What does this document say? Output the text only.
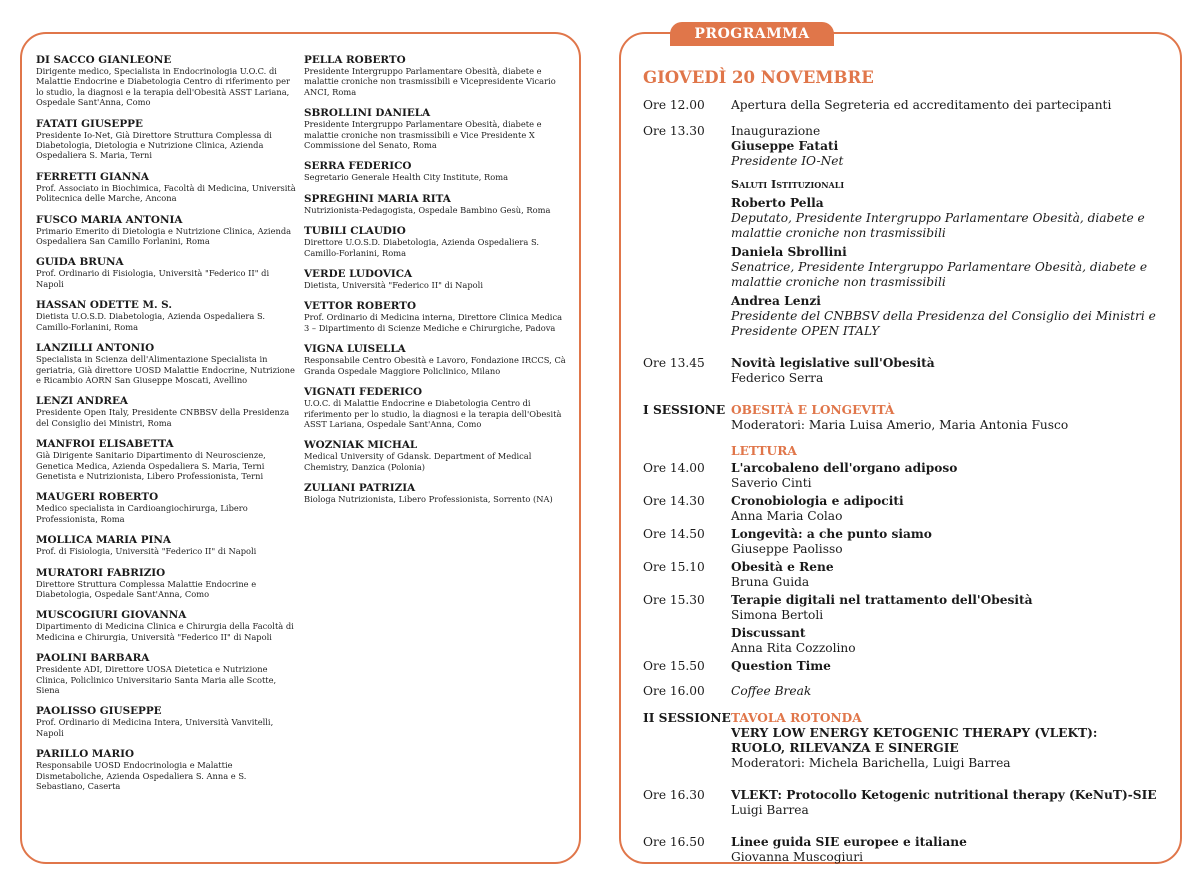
PROGRAMMA
DI SACCO GIANLEONE
Dirigente medico, Specialista in Endocrinologia U.O.C. di Malattie Endocrine e Diabetologia Centro di riferimento per lo studio, la diagnosi e la terapia dell'Obesità ASST Lariana, Ospedale Sant'Anna, Como
FATATI GIUSEPPE
Presidente Io-Net, Già Direttore Struttura Complessa di Diabetologia, Dietologia e Nutrizione Clinica, Azienda Ospedaliera S. Maria, Terni
FERRETTI GIANNA
Prof. Associato in Biochimica, Facoltà di Medicina, Università Politecnica delle Marche, Ancona
FUSCO MARIA ANTONIA
Primario Emerito di Dietologia e Nutrizione Clinica, Azienda Ospedaliera San Camillo Forlanini, Roma
GUIDA BRUNA
Prof. Ordinario di Fisiologia, Università "Federico II" di Napoli
HASSAN ODETTE M. S.
Dietista U.O.S.D. Diabetologia, Azienda Ospedaliera S. Camillo-Forlanini, Roma
LANZILLI ANTONIO
Specialista in Scienza dell'Alimentazione Specialista in geriatria, Già direttore UOSD Malattie Endocrine, Nutrizione e Ricambio AORN San Giuseppe Moscati, Avellino
LENZI ANDREA
Presidente Open Italy, Presidente CNBBSV della Presidenza del Consiglio dei Ministri, Roma
MANFROI ELISABETTA
Già Dirigente Sanitario Dipartimento di Neuroscienze, Genetica Medica, Azienda Ospedaliera S. Maria, Terni Genetista e Nutrizionista, Libero Professionista, Terni
MAUGERI ROBERTO
Medico specialista in Cardioangiochirurga, Libero Professionista, Roma
MOLLICA MARIA PINA
Prof. di Fisiologia, Università "Federico II" di Napoli
MURATORI FABRIZIO
Direttore Struttura Complessa Malattie Endocrine e Diabetologia, Ospedale Sant'Anna, Como
MUSCOGIURI GIOVANNA
Dipartimento di Medicina Clinica e Chirurgia della Facoltà di Medicina e Chirurgia, Università "Federico II" di Napoli
PAOLINI BARBARA
Presidente ADI, Direttore UOSA Dietetica e Nutrizione Clinica, Policlinico Universitario Santa Maria alle Scotte, Siena
PAOLISSO GIUSEPPE
Prof. Ordinario di Medicina Intera, Università Vanvitelli, Napoli
PARILLO MARIO
Responsabile UOSD Endocrinologia e Malattie Dismetaboliche, Azienda Ospedaliera S. Anna e S. Sebastiano, Caserta
PELLA ROBERTO
Presidente Intergruppo Parlamentare Obesità, diabete e malattie croniche non trasmissibili e Vicepresidente Vicario ANCI, Roma
SBROLLINI DANIELA
Presidente Intergruppo Parlamentare Obesità, diabete e malattie croniche non trasmissibili e Vice Presidente X Commissione del Senato, Roma
SERRA FEDERICO
Segretario Generale Health City Institute, Roma
SPREGHINI MARIA RITA
Nutrizionista-Pedagogista, Ospedale Bambino Gesù, Roma
TUBILI CLAUDIO
Direttore U.O.S.D. Diabetologia, Azienda Ospedaliera S. Camillo-Forlanini, Roma
VERDE LUDOVICA
Dietista, Università "Federico II" di Napoli
VETTOR ROBERTO
Prof. Ordinario di Medicina interna, Direttore Clinica Medica 3 – Dipartimento di Scienze Mediche e Chirurgiche, Padova
VIGNA LUISELLA
Responsabile Centro Obesità e Lavoro, Fondazione IRCCS, Cà Granda Ospedale Maggiore Policlinico, Milano
VIGNATI FEDERICO
U.O.C. di Malattie Endocrine e Diabetologia Centro di riferimento per lo studio, la diagnosi e la terapia dell'Obesità ASST Lariana, Ospedale Sant'Anna, Como
WOZNIAK MICHAL
Medical University of Gdansk. Department of Medical Chemistry, Danzica (Polonia)
ZULIANI PATRIZIA
Biologa Nutrizionista, Libero Professionista, Sorrento (NA)
GIOVEDÌ 20 NOVEMBRE
Ore 12.00	Apertura della Segreteria ed accreditamento dei partecipanti
Ore 13.30	Inaugurazione
Giuseppe Fatati
Presidente IO-Net
Saluti Istituzionali
Roberto Pella
Deputato, Presidente Intergruppo Parlamentare Obesità, diabete e malattie croniche non trasmissibili
Daniela Sbrollini
Senatrice, Presidente Intergruppo Parlamentare Obesità, diabete e malattie croniche non trasmissibili
Andrea Lenzi
Presidente del CNBBSV della Presidenza del Consiglio dei Ministri e Presidente OPEN ITALY
Ore 13.45	Novità legislative sull'Obesità
Federico Serra
I SESSIONE OBESITÀ E LONGEVITÀ
Moderatori: Maria Luisa Amerio, Maria Antonia Fusco
LETTURA
Ore 14.00	L'arcobaleno dell'organo adiposo
Saverio Cinti
Ore 14.30	Cronobiologia e adipociti
Anna Maria Colao
Ore 14.50	Longevità: a che punto siamo
Giuseppe Paolisso
Ore 15.10	Obesità e Rene
Bruna Guida
Ore 15.30	Terapie digitali nel trattamento dell'Obesità
Simona Bertoli
Discussant
Anna Rita Cozzolino
Ore 15.50	Question Time
Ore 16.00	Coffee Break
II SESSIONE TAVOLA ROTONDA
VERY LOW ENERGY KETOGENIC THERAPY (VLEKT):
RUOLO, RILEVANZA E SINERGIE
Moderatori: Michela Barichella, Luigi Barrea
Ore 16.30	VLEKT: Protocollo Ketogenic nutritional therapy (KeNuT)-SIE
Luigi Barrea
Ore 16.50	Linee guida SIE europee e italiane
Giovanna Muscogiuri
